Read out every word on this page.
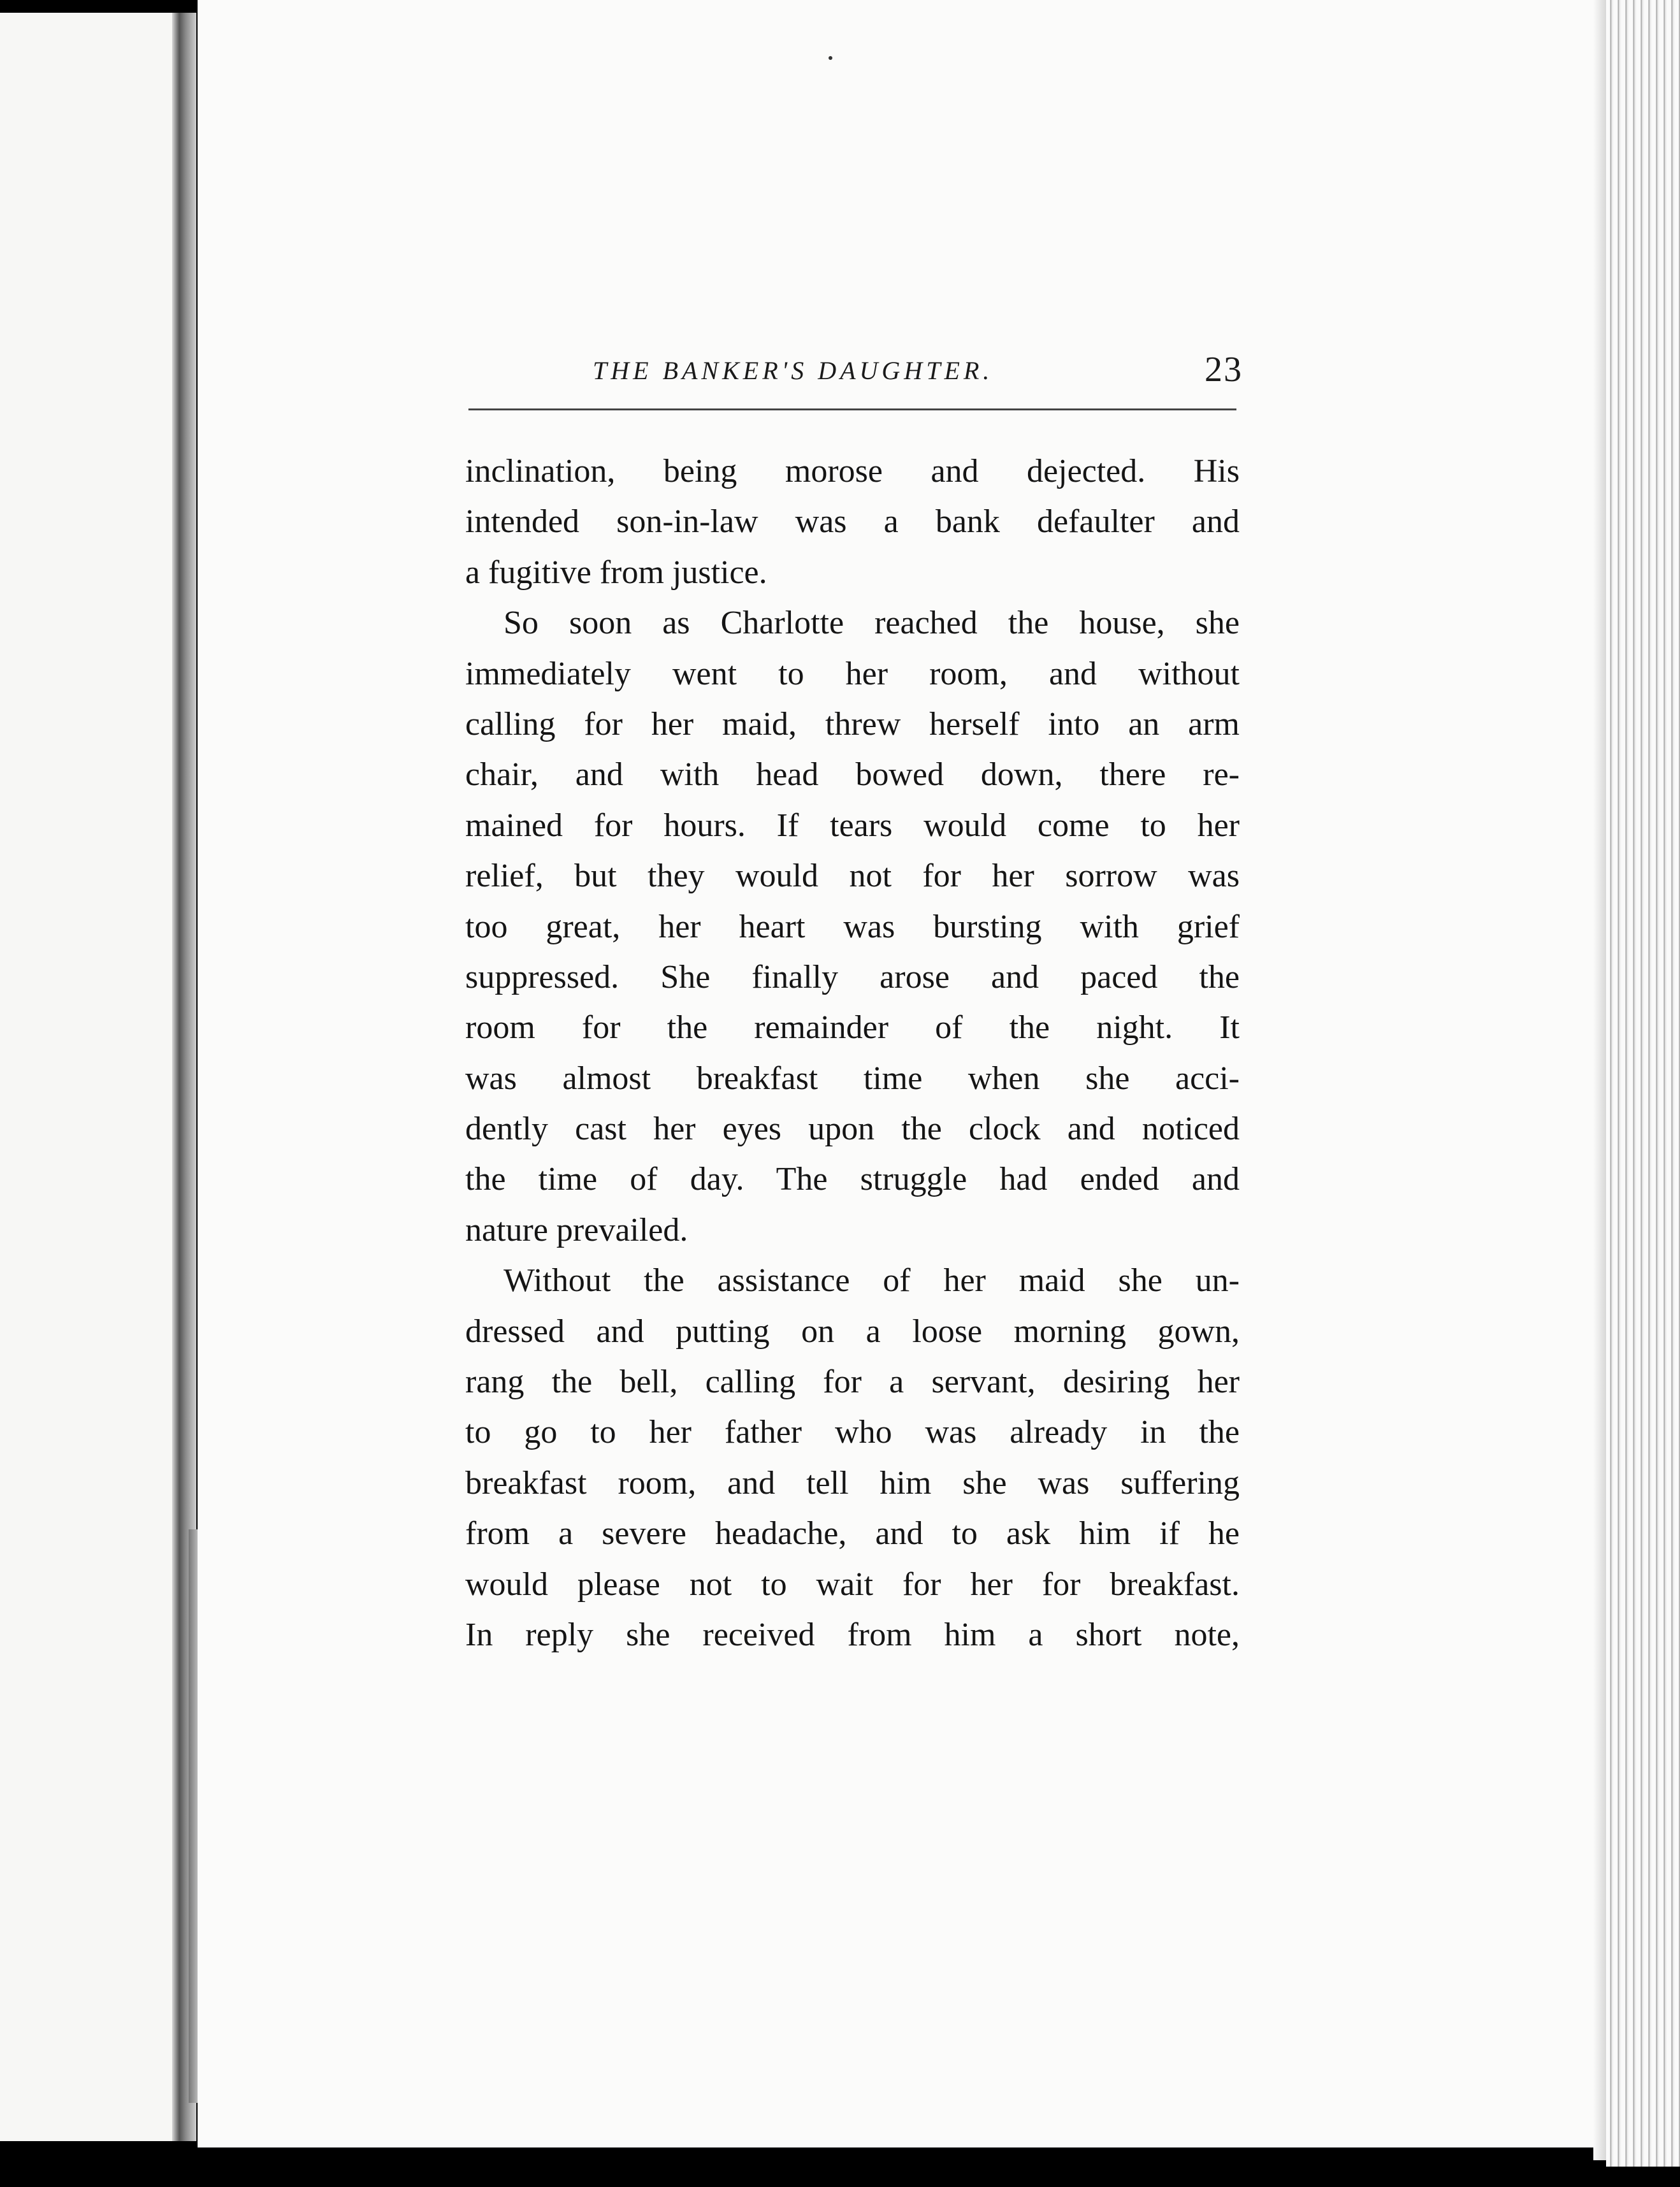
THE BANKER'S DAUGHTER.	23
inclination, being morose and dejected. His
intended son-in-law was a bank defaulter and
a fugitive from justice.
So soon as Charlotte reached the house, she
immediately went to her room, and without
calling for her maid, threw herself into an arm
chair, and with head bowed down, there re-
mained for hours. If tears would come to her
relief, but they would not for her sorrow was
too great, her heart was bursting with grief
suppressed. She finally arose and paced the
room for the remainder of the night. It
was almost breakfast time when she acci-
dently cast her eyes upon the clock and noticed
the time of day. The struggle had ended and
nature prevailed.
Without the assistance of her maid she un-
dressed and putting on a loose morning gown,
rang the bell, calling for a servant, desiring her
to go to her father who was already in the
breakfast room, and tell him she was suffering
from a severe headache, and to ask him if he
would please not to wait for her for breakfast.
In reply she received from him a short note,
